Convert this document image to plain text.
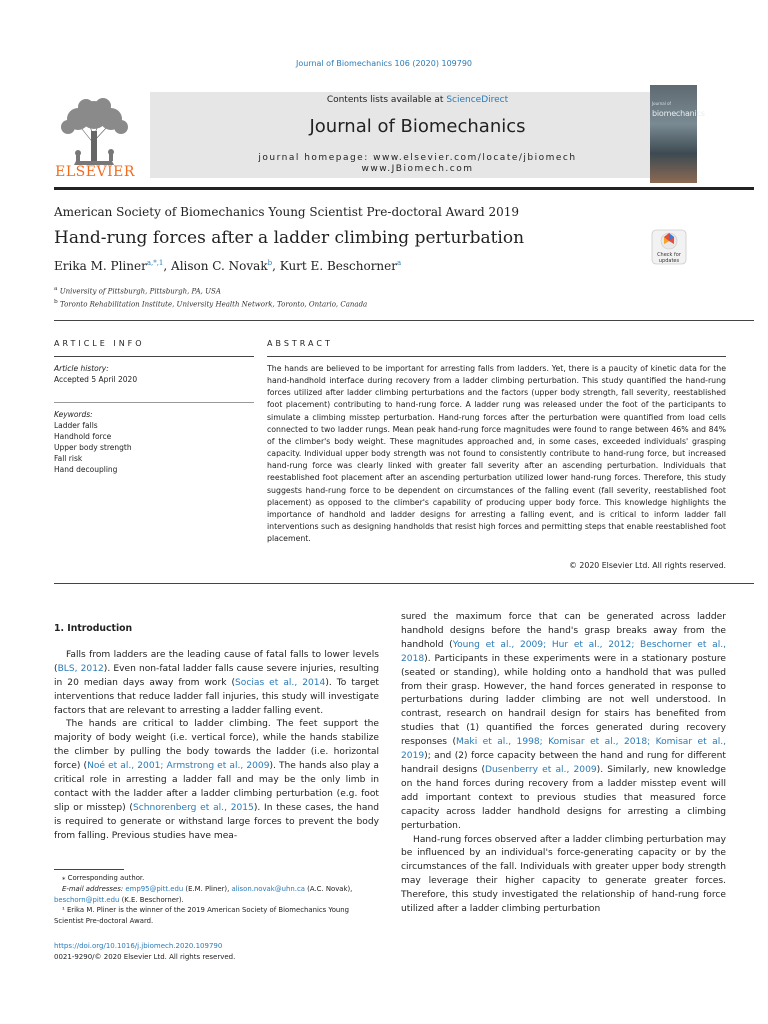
Journal of Biomechanics 106 (2020) 109790
ELSEVIER
Contents lists available at ScienceDirect
Journal of Biomechanics
journal homepage: www.elsevier.com/locate/jbiomech
www.JBiomech.com
Journal of
biomechanics
American Society of Biomechanics Young Scientist Pre-doctoral Award 2019
Hand-rung forces after a ladder climbing perturbation
Check for updates
Erika M. Pliner$^{a,*,1}$, Alison C. Novak$^b$, Kurt E. Beschorner$^a$
$^a$ University of Pittsburgh, Pittsburgh, PA, USA
$^b$ Toronto Rehabilitation Institute, University Health Network, Toronto, Ontario, Canada
ARTICLE INFO	ABSTRACT
Article history:
Accepted 5 April 2020
Keywords:
Ladder falls
Handhold force
Upper body strength
Fall risk
Hand decoupling
The hands are believed to be important for arresting falls from ladders. Yet, there is a paucity of kinetic data for the hand-handhold interface during recovery from a ladder climbing perturbation. This study quantified the hand-rung forces utilized after ladder climbing perturbations and the factors (upper body strength, fall severity, reestablished foot placement) contributing to hand-rung force. A ladder rung was released under the foot of the participants to simulate a climbing misstep perturbation. Hand-rung forces after the perturbation were quantified from load cells connected to two ladder rungs. Mean peak hand-rung force magnitudes were found to range between 46% and 84% of the climber's body weight. These magnitudes approached and, in some cases, exceeded individuals' grasping capacity. Individual upper body strength was not found to consistently contribute to hand-rung force, but increased hand-rung force was clearly linked with greater fall severity after an ascending perturbation. Individuals that reestablished foot placement after an ascending perturbation utilized lower hand-rung forces. Therefore, this study suggests hand-rung force to be dependent on circumstances of the falling event (fall severity, reestablished foot placement) as opposed to the climber's capability of producing upper body force. This knowledge highlights the importance of handhold and ladder designs for arresting a falling event, and is critical to inform ladder fall interventions such as designing handholds that resist high forces and permitting steps that enable reestablished foot placement.
© 2020 Elsevier Ltd. All rights reserved.
1. Introduction

Falls from ladders are the leading cause of fatal falls to lower levels (BLS, 2012). Even non-fatal ladder falls cause severe injuries, resulting in 20 median days away from work (Socias et al., 2014). To target interventions that reduce ladder fall injuries, this study will investigate factors that are relevant to arresting a ladder falling event.

The hands are critical to ladder climbing. The feet support the majority of body weight (i.e. vertical force), while the hands stabilize the climber by pulling the body towards the ladder (i.e. horizontal force) (Noé et al., 2001; Armstrong et al., 2009). The hands also play a critical role in arresting a ladder fall and may be the only limb in contact with the ladder after a ladder climbing perturbation (e.g. foot slip or misstep) (Schnorenberg et al., 2015). In these cases, the hand is required to generate or withstand large forces to prevent the body from falling. Previous studies have mea-

sured the maximum force that can be generated across ladder handhold designs before the hand's grasp breaks away from the handhold (Young et al., 2009; Hur et al., 2012; Beschorner et al., 2018). Participants in these experiments were in a stationary posture (seated or standing), while holding onto a handhold that was pulled from their grasp. However, the hand forces generated in response to perturbations during ladder climbing are not well understood. In contrast, research on handrail design for stairs has benefited from studies that (1) quantified the forces generated during recovery responses (Maki et al., 1998; Komisar et al., 2018; Komisar et al., 2019); and (2) force capacity between the hand and rung for different handrail designs (Dusenberry et al., 2009). Similarly, new knowledge on the hand forces during recovery from a ladder misstep event will add important context to previous studies that measured force capacity across ladder handhold designs for arresting a climbing perturbation.

Hand-rung forces observed after a ladder climbing perturbation may be influenced by an individual's force-generating capacity or by the circumstances of the fall. Individuals with greater upper body strength may leverage their higher capacity to generate greater forces. Therefore, this study investigated the relationship of hand-rung force utilized after a ladder climbing perturbation

⁎ Corresponding author.
E-mail addresses: emp95@pitt.edu (E.M. Pliner), alison.novak@uhn.ca (A.C. Novak), beschorn@pitt.edu (K.E. Beschorner).
¹ Erika M. Pliner is the winner of the 2019 American Society of Biomechanics Young Scientist Pre-doctoral Award.
https://doi.org/10.1016/j.jbiomech.2020.109790
0021-9290/© 2020 Elsevier Ltd. All rights reserved.
